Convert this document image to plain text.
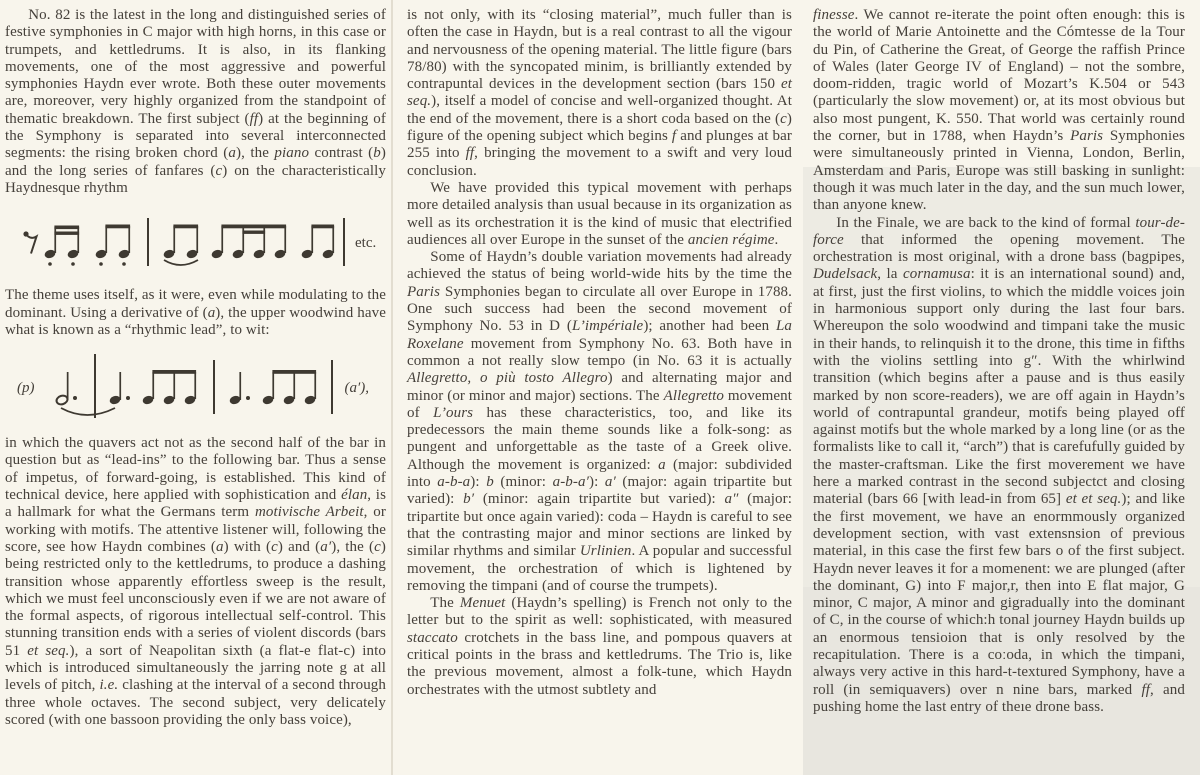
No. 82 is the latest in the long and distinguished series of festive symphonies in C major with high horns, in this case or trumpets, and kettledrums. It is also, in its flanking movements, one of the most aggressive and powerful symphonies Haydn ever wrote. Both these outer movements are, moreover, very highly organized from the standpoint of thematic breakdown. The first subject (ff) at the beginning of the Symphony is separated into several interconnected segments: the rising broken chord (a), the piano contrast (b) and the long series of fanfares (c) on the characteristically Haydnesque rhythm

etc.

The theme uses itself, as it were, even while modulating to the dominant. Using a derivative of (a), the upper woodwind have what is known as a “rhythmic lead”, to wit:

(p)	(a′),

in which the quavers act not as the second half of the bar in question but as “lead-ins” to the following bar. Thus a sense of impetus, of forward-going, is established. This kind of technical device, here applied with sophistication and élan, is a hallmark for what the Germans term motivische Arbeit, or working with motifs. The attentive listener will, following the score, see how Haydn combines (a) with (c) and (a′), the (c) being restricted only to the kettledrums, to produce a dashing transition whose apparently effortless sweep is the result, which we must feel unconsciously even if we are not aware of the formal aspects, of rigorous intellectual self-control. This stunning transition ends with a series of violent discords (bars 51 et seq.), a sort of Neapolitan sixth (a flat-e flat-c) into which is introduced simultaneously the jarring note g at all levels of pitch, i.e. clashing at the interval of a second through three whole octaves. The second subject, very delicately scored (with one bassoon providing the only bass voice),

is not only, with its “closing material”, much fuller than is often the case in Haydn, but is a real contrast to all the vigour and nervousness of the opening material. The little figure (bars 78/80) with the syncopated minim, is brilliantly extended by contrapuntal devices in the development section (bars 150 et seq.), itself a model of concise and well-organized thought. At the end of the movement, there is a short coda based on the (c) figure of the opening subject which begins f and plunges at bar 255 into ff, bringing the movement to a swift and very loud conclusion.

We have provided this typical movement with perhaps more detailed analysis than usual because in its organization as well as its orchestration it is the kind of music that electrified audiences all over Europe in the sunset of the ancien régime.

Some of Haydn’s double variation movements had already achieved the status of being world-wide hits by the time the Paris Symphonies began to circulate all over Europe in 1788. One such success had been the second movement of Symphony No. 53 in D (L’impériale); another had been La Roxelane movement from Symphony No. 63. Both have in common a not really slow tempo (in No. 63 it is actually Allegretto, o più tosto Allegro) and alternating major and minor (or minor and major) sections. The Allegretto movement of L’ours has these characteristics, too, and like its predecessors the main theme sounds like a folk-song: as pungent and unforgettable as the taste of a Greek olive. Although the movement is organized: a (major: subdivided into a-b-a): b (minor: a-b-a′): a′ (major: again tripartite but varied): b′ (minor: again tripartite but varied): a″ (major: tripartite but once again varied): coda – Haydn is careful to see that the contrasting major and minor sections are linked by similar rhythms and similar Urlinien. A popular and successful movement, the orchestration of which is lightened by removing the timpani (and of course the trumpets).

The Menuet (Haydn’s spelling) is French not only to the letter but to the spirit as well: sophisticated, with measured staccato crotchets in the bass line, and pompous quavers at critical points in the brass and kettledrums. The Trio is, like the previous movement, almost a folk-tune, which Haydn orchestrates with the utmost subtlety and

finesse. We cannot re-iterate the point often enough: this is the world of Marie Antoinette and the Cómtesse de la Tour du Pin, of Catherine the Great, of George the raffish Prince of Wales (later George IV of England) – not the sombre, doom-ridden, tragic world of Mozart’s K.504 or 543 (particularly the slow movement) or, at its most obvious but also most pungent, K. 550. That world was certainly round the corner, but in 1788, when Haydn’s Paris Symphonies were simultaneously printed in Vienna, London, Berlin, Amsterdam and Paris, Europe was still basking in sunlight: though it was much later in the day, and the sun much lower, than anyone knew.

In the Finale, we are back to the kind of formal tour-de-force that informed the opening movement. The orchestration is most original, with a drone bass (bagpipes, Dudelsack, la cornamusa: it is an international sound) and, at first, just the first violins, to which the middle voices join in harmonious support only during the last four bars. Whereupon the solo woodwind and timpani take the music in their hands, to relinquish it to the drone, this time in fifths with the violins settling into g″. With the whirlwind transition (which begins after a pause and is thus easily marked by non score-readers), we are off again in Haydn’s world of contrapuntal grandeur, motifs being played off against motifs but the whole marked by a long line (or as the formalists like to call it, “arch”) that is carefufully guided by the master-craftsman. Like the first moverement we have here a marked contrast in the second subjectct and closing material (bars 66 [with lead-in from 65] et et seq.); and like the first movement, we have an enormmously organized development section, with vast extensnsion of previous material, in this case the first few bars o of the first subject. Haydn never leaves it for a momenent: we are plunged (after the dominant, G) into F major,r, then into E flat major, G minor, C major, A minor and gigradually into the dominant of C, in the course of which:h tonal journey Haydn builds up an enormous tensioion that is only resolved by the recapitulation. There is a coːoda, in which the timpani, always very active in this hard-t-textured Symphony, have a roll (in semiquavers) over n nine bars, marked ff, and pushing home the last entry of theıe drone bass.
